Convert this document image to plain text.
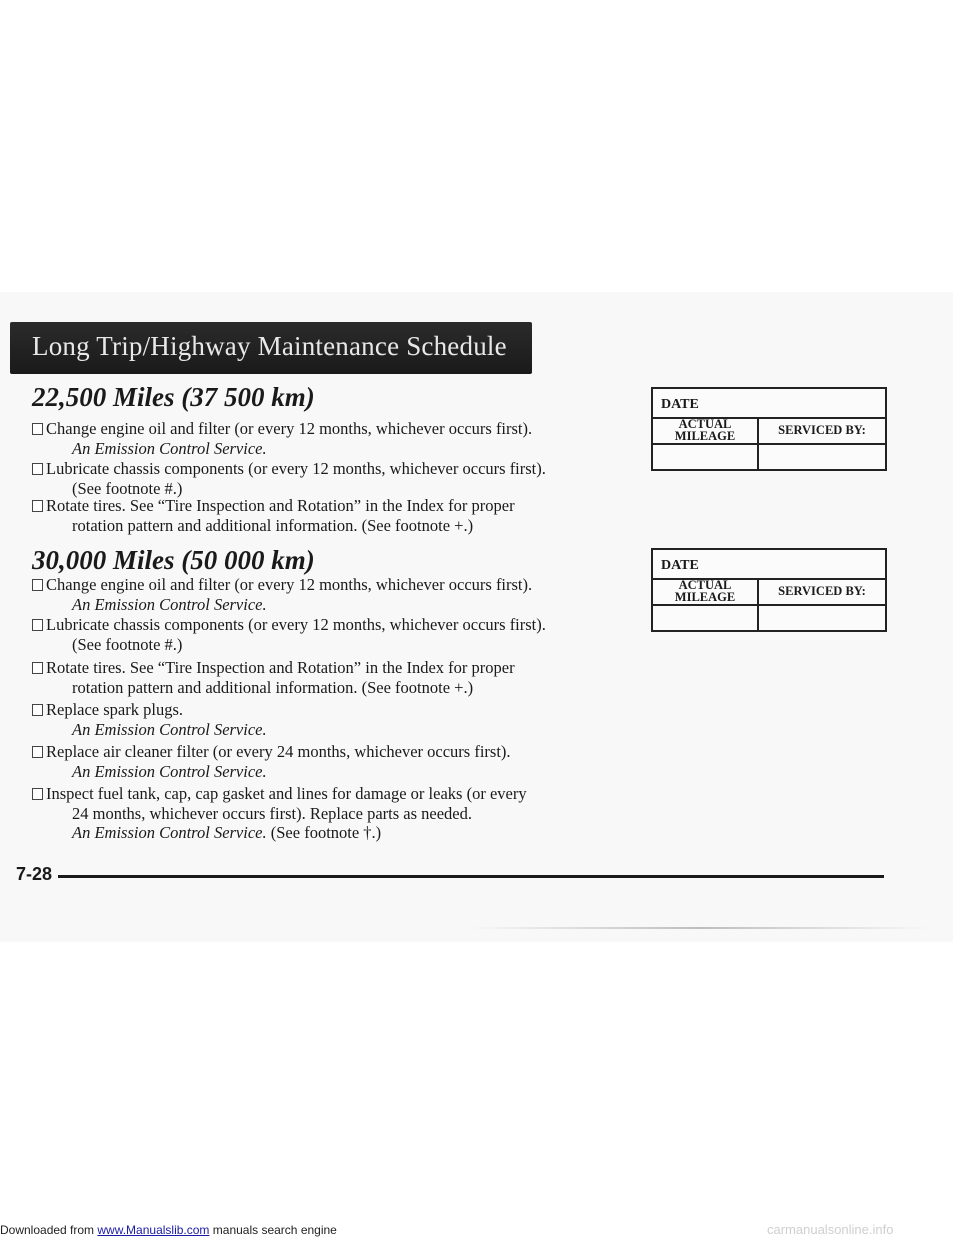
Long Trip/Highway Maintenance Schedule
22,500 Miles (37 500 km)
Change engine oil and filter (or every 12 months, whichever occurs first).
An Emission Control Service.
Lubricate chassis components (or every 12 months, whichever occurs first).
(See footnote #.)
Rotate tires. See “Tire Inspection and Rotation” in the Index for proper
rotation pattern and additional information. (See footnote +.)
DATE
ACTUAL
MILEAGE	SERVICED BY:
30,000 Miles (50 000 km)
Change engine oil and filter (or every 12 months, whichever occurs first).
An Emission Control Service.
Lubricate chassis components (or every 12 months, whichever occurs first).
(See footnote #.)
Rotate tires. See “Tire Inspection and Rotation” in the Index for proper
rotation pattern and additional information. (See footnote +.)
Replace spark plugs.
An Emission Control Service.
Replace air cleaner filter (or every 24 months, whichever occurs first).
An Emission Control Service.
Inspect fuel tank, cap, cap gasket and lines for damage or leaks (or every
24 months, whichever occurs first). Replace parts as needed.
An Emission Control Service. (See footnote †.)
DATE
ACTUAL
MILEAGE	SERVICED BY:
7-28
Downloaded from www.Manualslib.com manuals search engine	carmanualsonline.info
